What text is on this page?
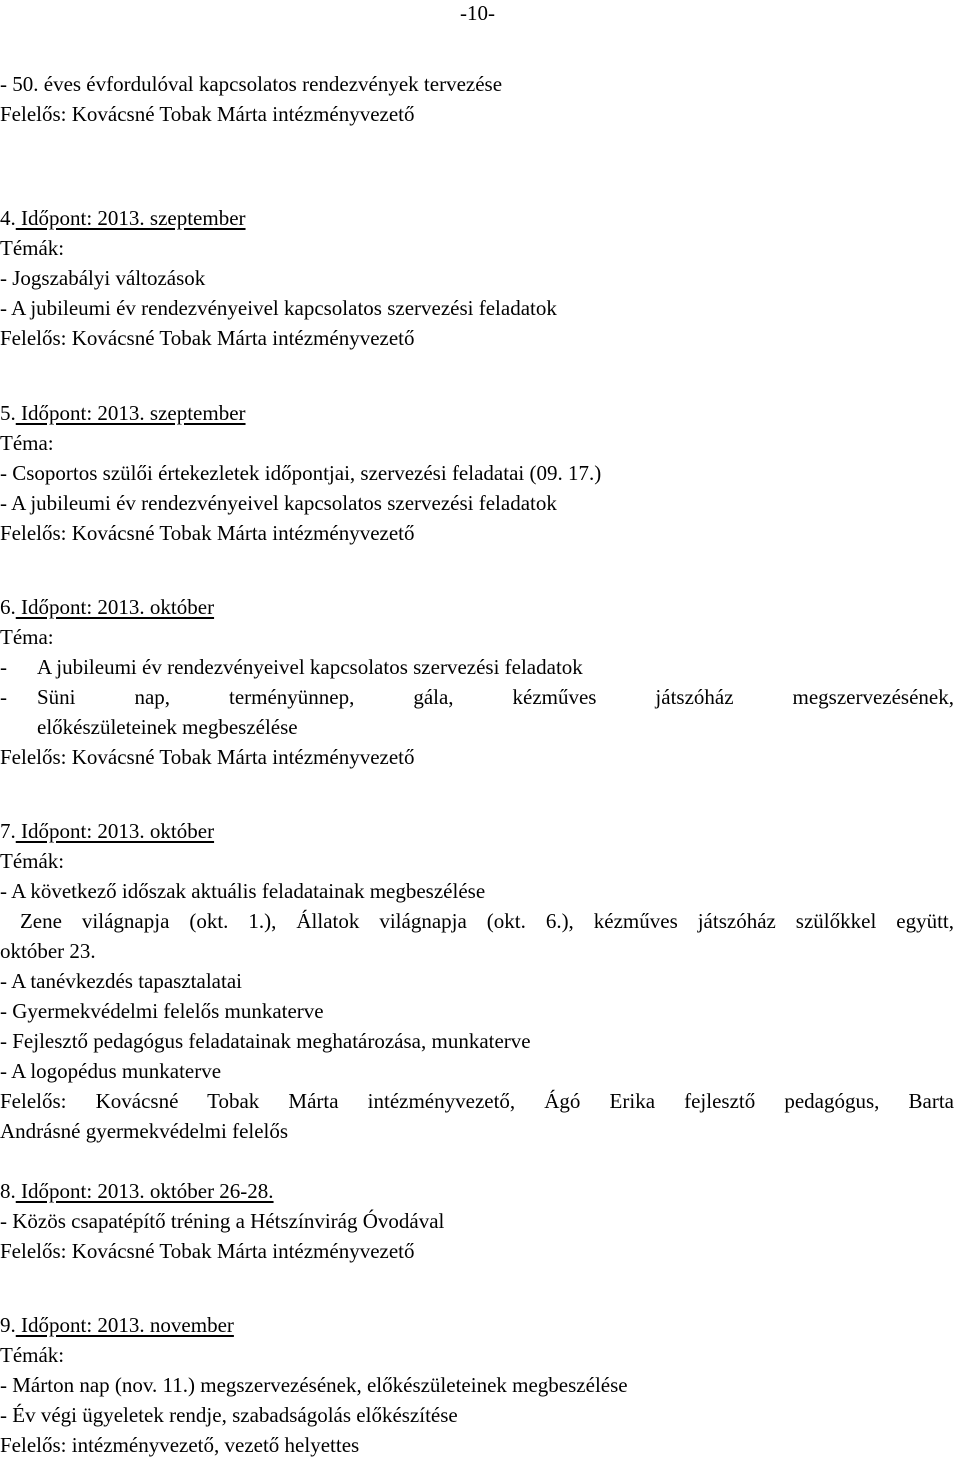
-10-
- 50. éves évfordulóval kapcsolatos rendezvények tervezése
Felelős: Kovácsné Tobak Márta intézményvezető
4. Időpont: 2013. szeptember
Témák:
- Jogszabályi változások
- A jubileumi év rendezvényeivel kapcsolatos szervezési feladatok
Felelős: Kovácsné Tobak Márta intézményvezető
5. Időpont: 2013. szeptember
Téma:
- Csoportos szülői értekezletek időpontjai, szervezési feladatai (09. 17.)
- A jubileumi év rendezvényeivel kapcsolatos szervezési feladatok
Felelős: Kovácsné Tobak Márta intézményvezető
6. Időpont: 2013. október
Téma:
- A jubileumi év rendezvényeivel kapcsolatos szervezési feladatok
- Süni nap, terményünnep, gála, kézműves játszóház megszervezésének,
előkészületeinek megbeszélése
Felelős: Kovácsné Tobak Márta intézményvezető
7. Időpont: 2013. október
Témák:
- A következő időszak aktuális feladatainak megbeszélése
Zene világnapja (okt. 1.), Állatok világnapja (okt. 6.), kézműves játszóház szülőkkel együtt,
október 23.
- A tanévkezdés tapasztalatai
- Gyermekvédelmi felelős munkaterve
- Fejlesztő pedagógus feladatainak meghatározása, munkaterve
- A logopédus munkaterve
Felelős: Kovácsné Tobak Márta intézményvezető, Ágó Erika fejlesztő pedagógus, Barta
Andrásné gyermekvédelmi felelős
8. Időpont: 2013. október 26-28.
- Közös csapatépítő tréning a Hétszínvirág Óvodával
Felelős: Kovácsné Tobak Márta intézményvezető
9. Időpont: 2013. november
Témák:
- Márton nap (nov. 11.) megszervezésének, előkészületeinek megbeszélése
- Év végi ügyeletek rendje, szabadságolás előkészítése
Felelős: intézményvezető, vezető helyettes
